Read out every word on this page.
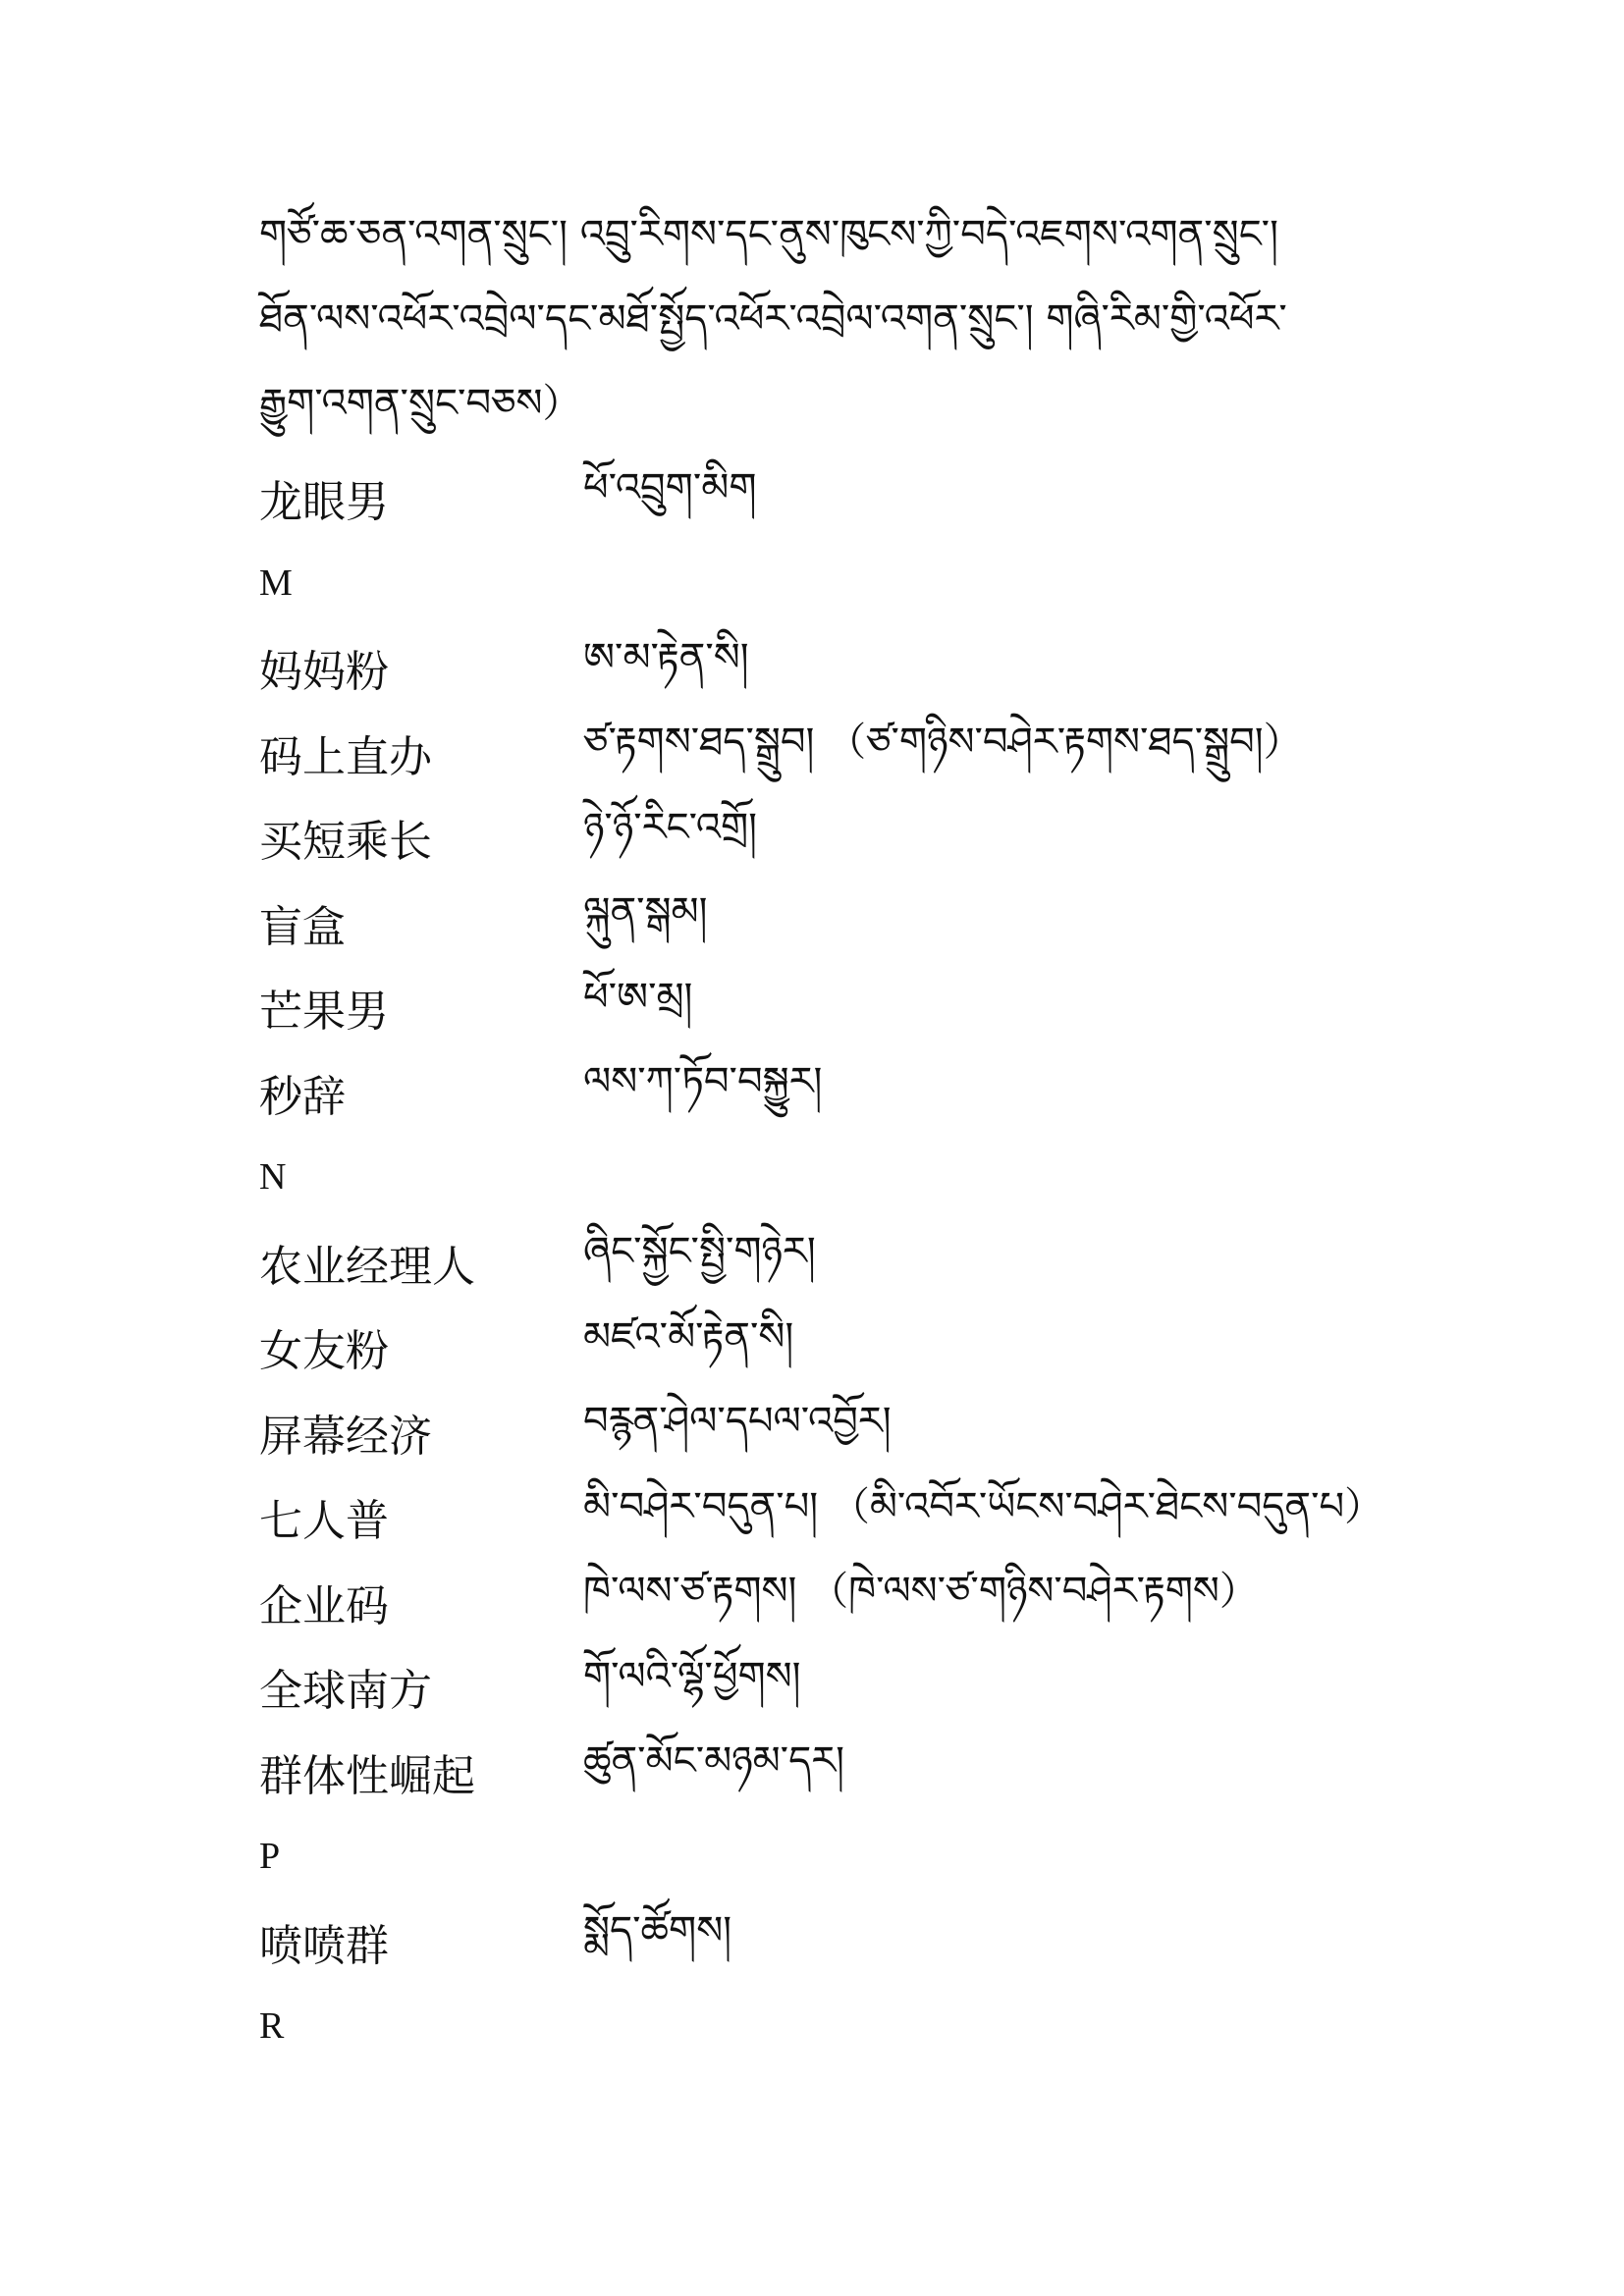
གཙོ་ཆ་ཅན་འགན་སྲུང་། འབྲུ་རིགས་དང་ནུས་ཁུངས་ཀྱི་བདེ་འཇགས་འགན་སྲུང་།
ཐོན་ལས་འཕོར་འབྲེལ་དང་མཐོ་སྤྱོད་འཕོར་འབྲེལ་འགན་སྲུང་། གཞི་རིམ་གྱི་འཕོར་
རྒྱུག་འགན་སྲུང་བཅས）
龙眼男	ཕོ་འབྲུག་མིག
M
妈妈粉	ཨ་མ་རྟེན་སི།
码上直办	ཙ་རྟགས་ཐད་སྒྲུབ། （ཙ་གཉིས་བཤེར་རྟགས་ཐད་སྒྲུབ།）
买短乘长	ཉེ་ཉོ་རིང་འགྲོ།
盲盒	ལྐུན་སྒམ།
芒果男	ཕོ་ཨ་མྲ།
秒辞	ལས་ཀ་ཏོབ་བསྐྱུར།
N
农业经理人	ཞིང་སྐྱོང་སྤྱི་གཉེར།
女友粉	མཛའ་མོ་རྟེན་སི།
屏幕经济	བརྙན་ཤེལ་དཔལ་འབྱོར།
七人普	མི་བཤེར་བདུན་པ། （མི་འབོར་ཡོངས་བཤེར་ཐེངས་བདུན་པ）
企业码	ཁེ་ལས་ཙ་རྟགས། （ཁེ་ལས་ཙ་གཉིས་བཤེར་རྟགས）
全球南方	གོ་ལའི་ལྷོ་ཕྱོགས།
群体性崛起	ཚུན་མོང་མཉམ་དར།
P
喷喷群	སྨོད་ཚོགས།
R
